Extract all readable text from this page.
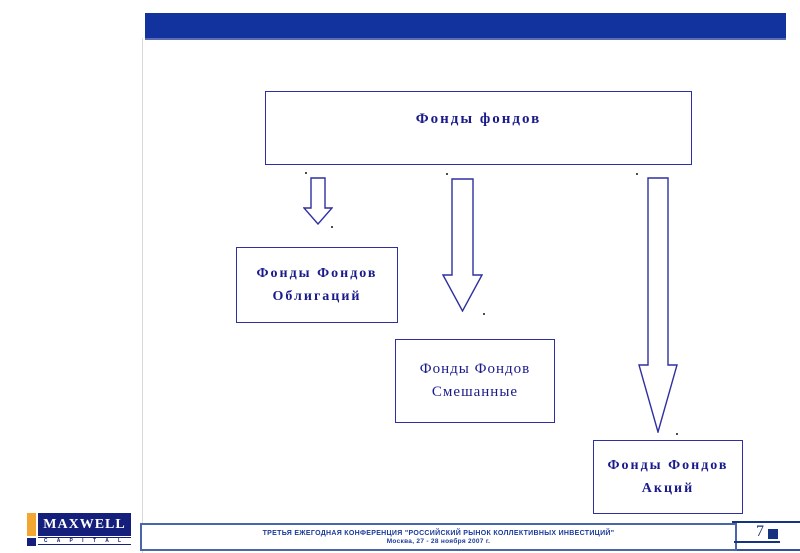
Фонды фондов
Фонды Фондов
Облигаций
Фонды Фондов
Смешанные
Фонды Фондов
Акций
MAXWELL
C A P I T A L
ТРЕТЬЯ ЕЖЕГОДНАЯ КОНФЕРЕНЦИЯ "РОССИЙСКИЙ РЫНОК КОЛЛЕКТИВНЫХ ИНВЕСТИЦИЙ"
Москва, 27 - 28 ноября 2007 г.
7
